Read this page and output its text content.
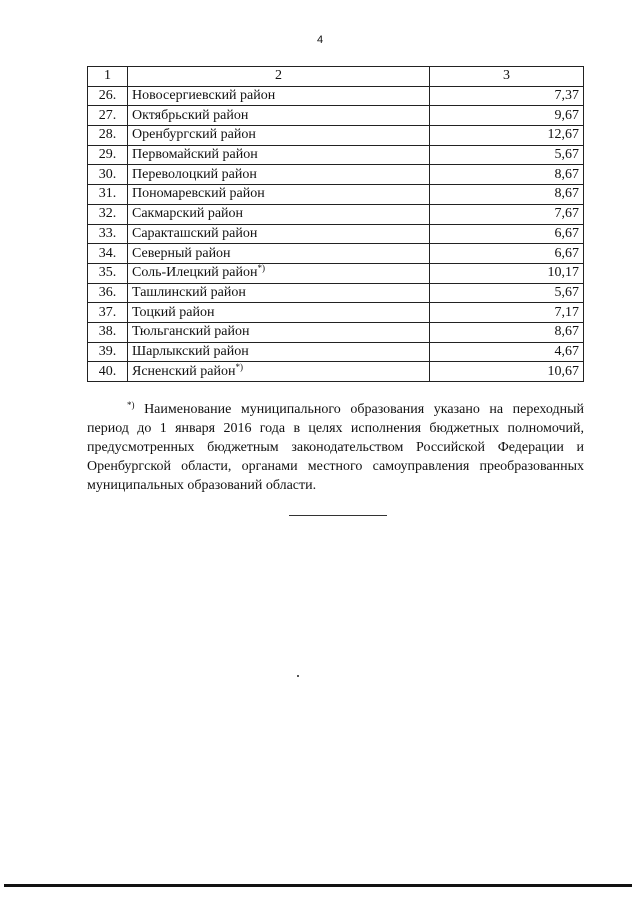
4
1	2	3
26.	Новосергиевский район	7,37
27.	Октябрьский район	9,67
28.	Оренбургский район	12,67
29.	Первомайский район	5,67
30.	Переволоцкий район	8,67
31.	Пономаревский район	8,67
32.	Сакмарский район	7,67
33.	Саракташский район	6,67
34.	Северный район	6,67
35.	Соль-Илецкий район*)	10,17
36.	Ташлинский район	5,67
37.	Тоцкий район	7,17
38.	Тюльганский район	8,67
39.	Шарлыкский район	4,67
40.	Ясненский район*)	10,67
*) Наименование муниципального образования указано на переходный период до 1 января 2016 года в целях исполнения бюджетных полномочий, предусмотренных бюджетным законодательством Российской Федерации и Оренбургской области, органами местного самоуправления преобразованных муниципальных образований области.
